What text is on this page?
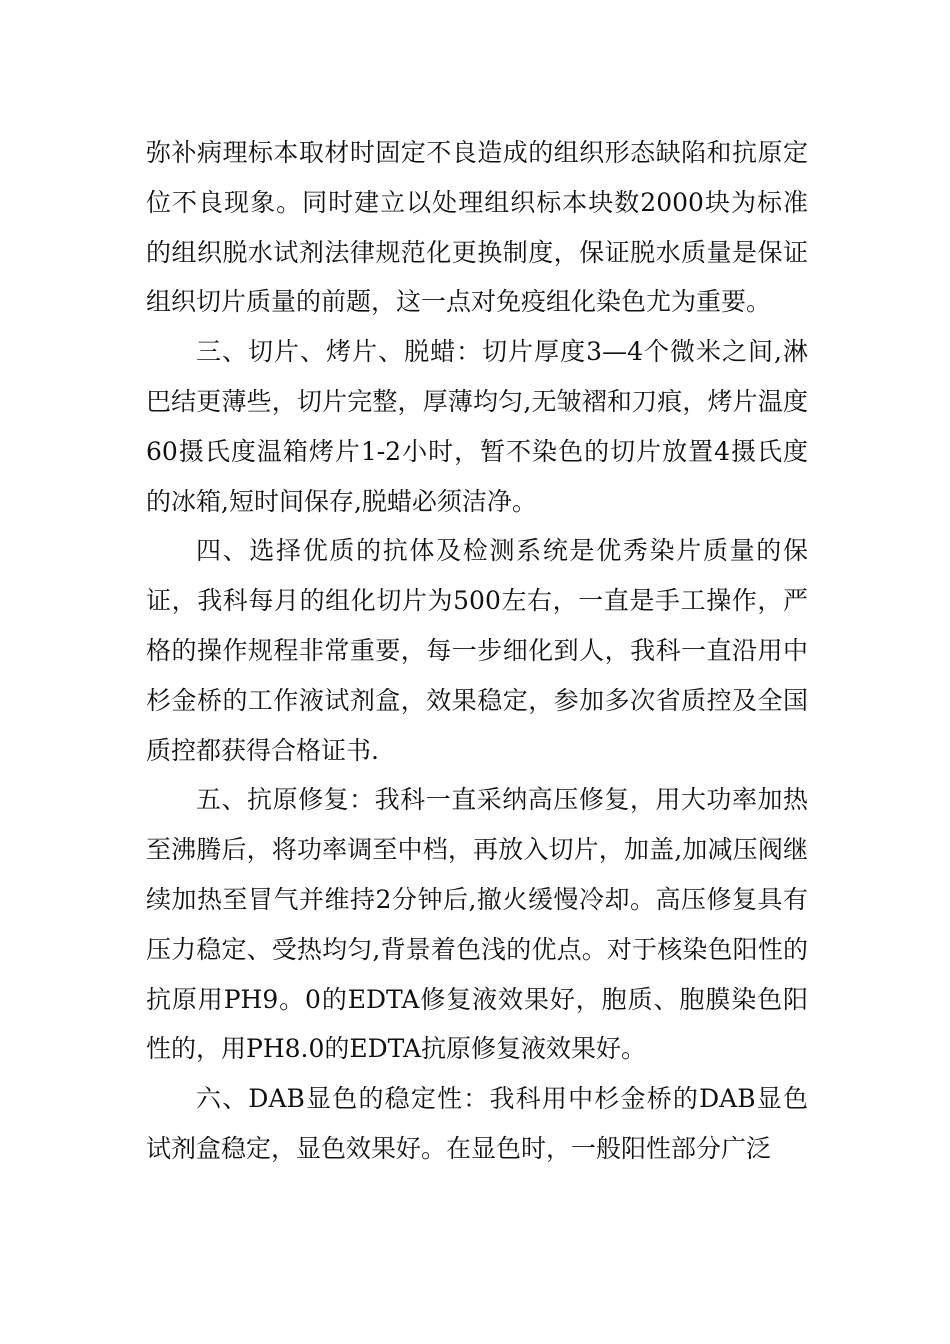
弥补病理标本取材时固定不良造成的组织形态缺陷和抗原定位不良现象。同时建立以处理组织标本块数2000块为标准的组织脱水试剂法律规范化更换制度，保证脱水质量是保证组织切片质量的前题，这一点对免疫组化染色尤为重要。

三、切片、烤片、脱蜡：切片厚度3—4个微米之间,淋巴结更薄些，切片完整，厚薄均匀,无皱褶和刀痕，烤片温度60摄氏度温箱烤片1-2小时，暂不染色的切片放置4摄氏度的冰箱,短时间保存,脱蜡必须洁净。

四、选择优质的抗体及检测系统是优秀染片质量的保证，我科每月的组化切片为500左右，一直是手工操作，严格的操作规程非常重要，每一步细化到人，我科一直沿用中杉金桥的工作液试剂盒，效果稳定，参加多次省质控及全国质控都获得合格证书.

五、抗原修复：我科一直采纳高压修复，用大功率加热至沸腾后，将功率调至中档，再放入切片，加盖,加减压阀继续加热至冒气并维持2分钟后,撤火缓慢冷却。高压修复具有压力稳定、受热均匀,背景着色浅的优点。对于核染色阳性的抗原用PH9。0的EDTA修复液效果好，胞质、胞膜染色阳性的，用PH8.0的EDTA抗原修复液效果好。

六、DAB显色的稳定性：我科用中杉金桥的DAB显色试剂盒稳定，显色效果好。在显色时，一般阳性部分广泛
